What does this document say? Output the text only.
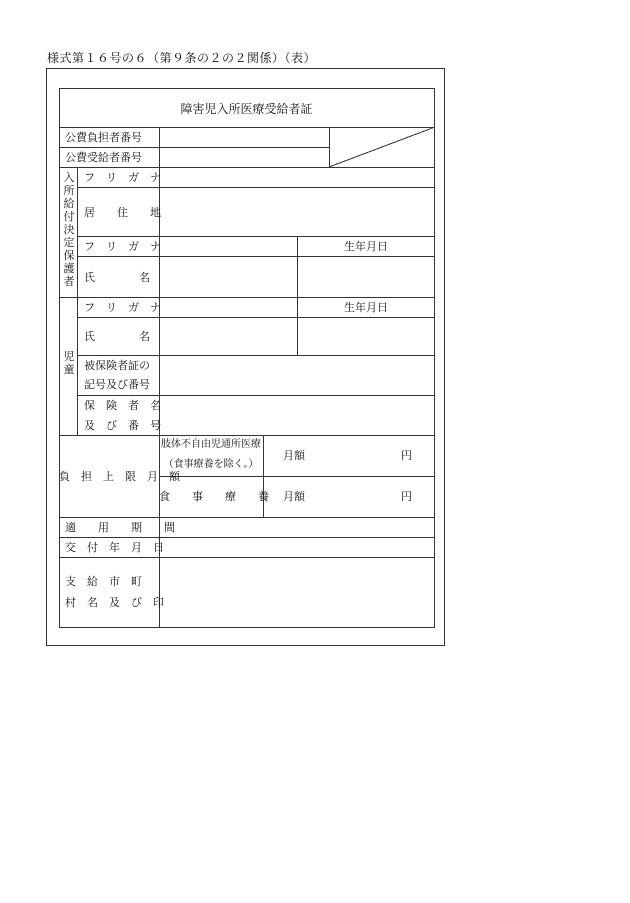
様式第１６号の６（第９条の２の２関係）（表）
障害児入所医療受給者証
公費負担者番号
公費受給者番号
入所給付決定保護者
フ　リ　ガ　ナ
居　　住　　地
フ　リ　ガ　ナ	生年月日
氏　　　　名
児童
フ　リ　ガ　ナ	生年月日
氏　　　　名
被保険者証の
記号及び番号
保　険　者　名
及　び　番　号
負　担　上　限　月　額
肢体不自由児通所医療
（食事療養を除く。）
月額	円
食　　事　　療　　養 月額	円
適　　用　　期　　間
交　付　年　月　日
支　給　市　町
村　名　及　び　印
